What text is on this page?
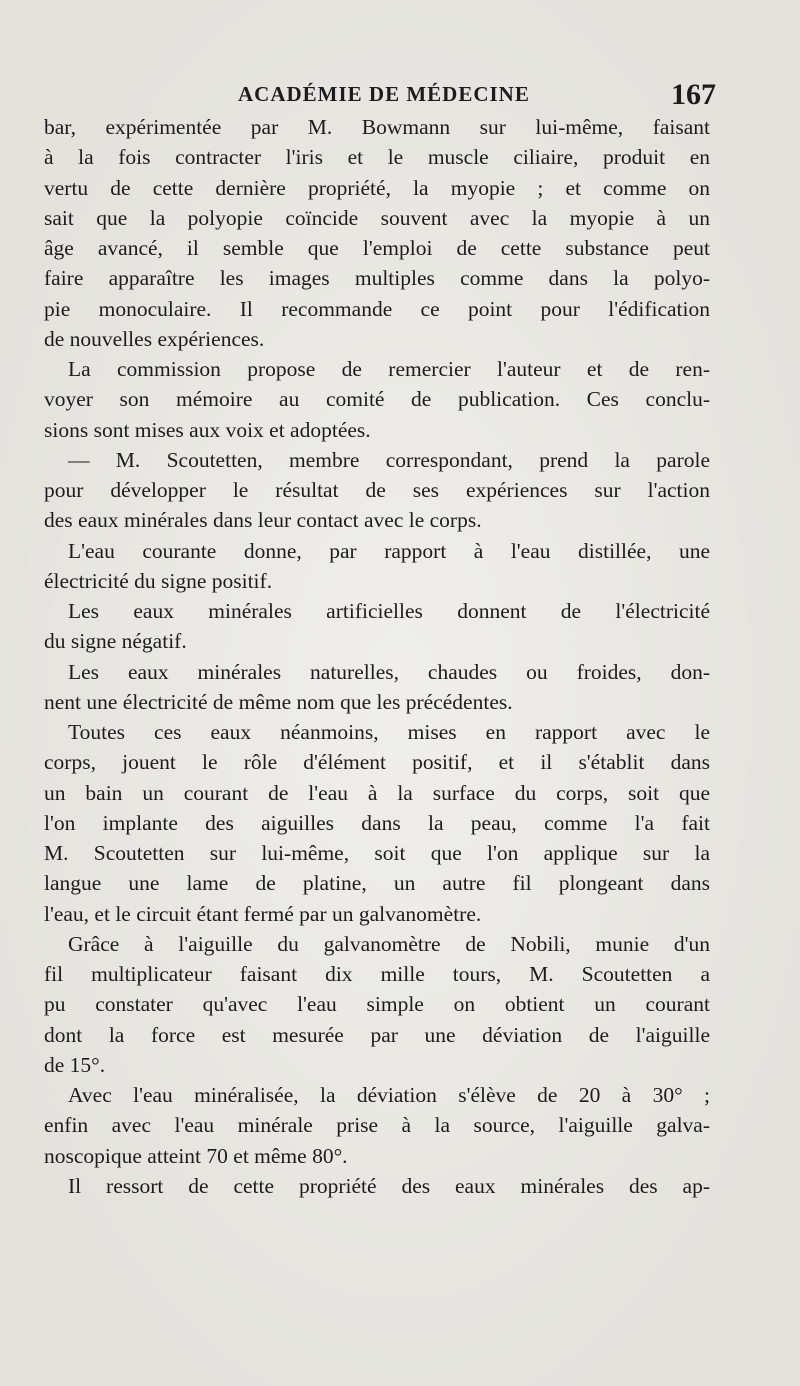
ACADÉMIE DE MÉDECINE	167
bar, expérimentée par M. Bowmann sur lui-même, faisant
à la fois contracter l'iris et le muscle ciliaire, produit en
vertu de cette dernière propriété, la myopie ; et comme on
sait que la polyopie coïncide souvent avec la myopie à un
âge avancé, il semble que l'emploi de cette substance peut
faire apparaître les images multiples comme dans la polyo-
pie monoculaire. Il recommande ce point pour l'édification
de nouvelles expériences.
La commission propose de remercier l'auteur et de ren-
voyer son mémoire au comité de publication. Ces conclu-
sions sont mises aux voix et adoptées.
— M. Scoutetten, membre correspondant, prend la parole
pour développer le résultat de ses expériences sur l'action
des eaux minérales dans leur contact avec le corps.
L'eau courante donne, par rapport à l'eau distillée, une
électricité du signe positif.
Les eaux minérales artificielles donnent de l'électricité
du signe négatif.
Les eaux minérales naturelles, chaudes ou froides, don-
nent une électricité de même nom que les précédentes.
Toutes ces eaux néanmoins, mises en rapport avec le
corps, jouent le rôle d'élément positif, et il s'établit dans
un bain un courant de l'eau à la surface du corps, soit que
l'on implante des aiguilles dans la peau, comme l'a fait
M. Scoutetten sur lui-même, soit que l'on applique sur la
langue une lame de platine, un autre fil plongeant dans
l'eau, et le circuit étant fermé par un galvanomètre.
Grâce à l'aiguille du galvanomètre de Nobili, munie d'un
fil multiplicateur faisant dix mille tours, M. Scoutetten a
pu constater qu'avec l'eau simple on obtient un courant
dont la force est mesurée par une déviation de l'aiguille
de 15°.
Avec l'eau minéralisée, la déviation s'élève de 20 à 30° ;
enfin avec l'eau minérale prise à la source, l'aiguille galva-
noscopique atteint 70 et même 80°.
Il ressort de cette propriété des eaux minérales des ap-
